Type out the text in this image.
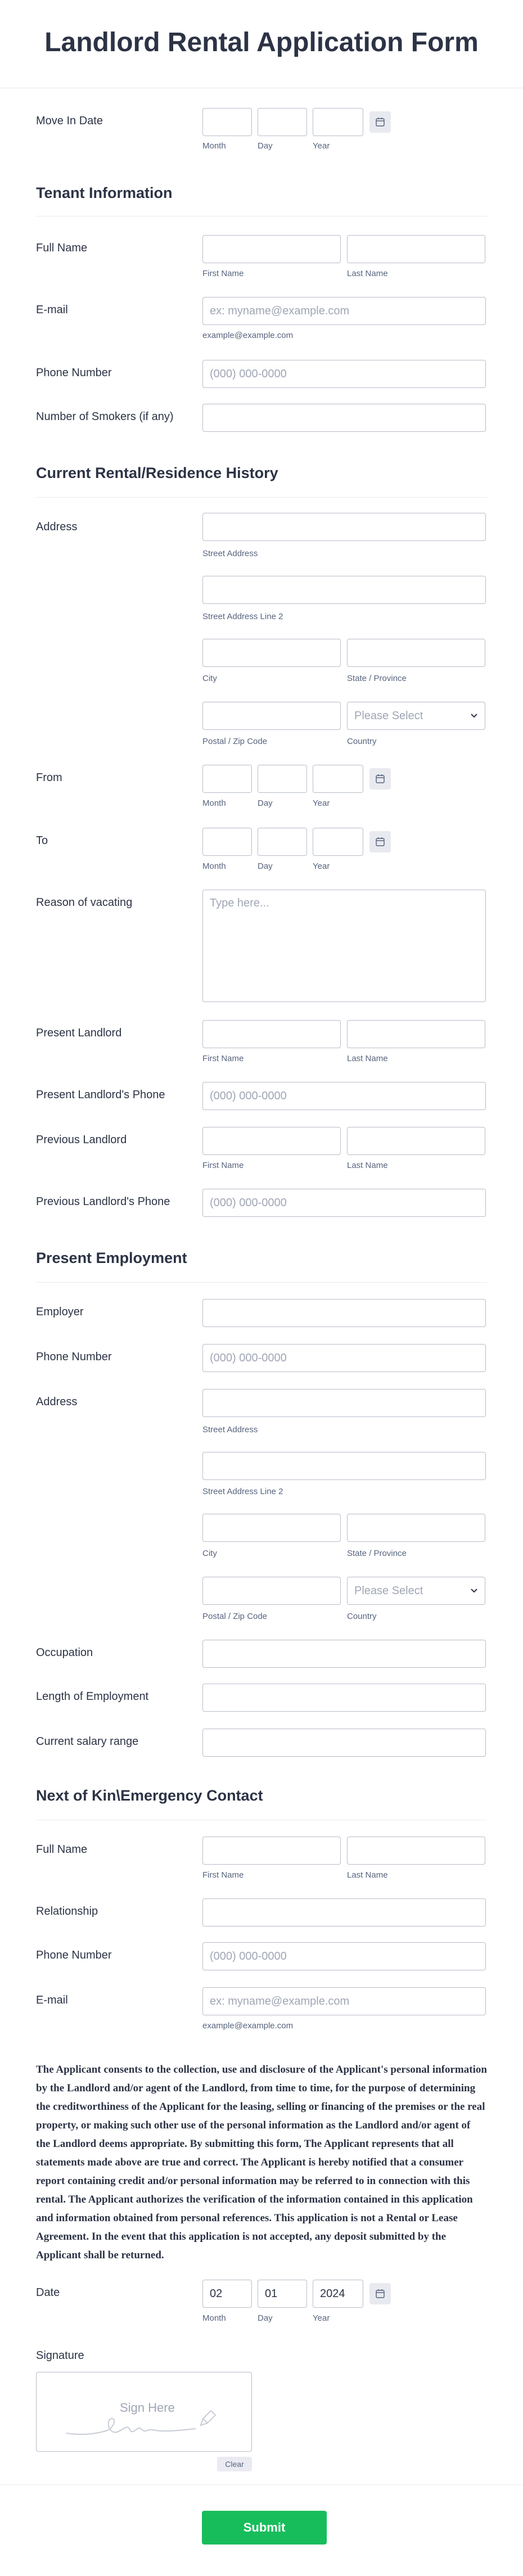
Landlord Rental Application Form
Move In Date
Month	Day	Year
Tenant Information
Full Name
First Name	Last Name
E-mail
ex: myname@example.com
example@example.com
Phone Number
(000) 000-0000
Number of Smokers (if any)
Current Rental/Residence History
Address
Street Address
Street Address Line 2
City	State / Province
Please Select
Postal / Zip Code	Country
From
Month	Day	Year
To
Month	Day	Year
Reason of vacating
Type here...
Present Landlord
First Name	Last Name
Present Landlord's Phone
(000) 000-0000
Previous Landlord
First Name	Last Name
Previous Landlord's Phone
(000) 000-0000
Present Employment
Employer
Phone Number
(000) 000-0000
Address
Street Address
Street Address Line 2
City	State / Province
Please Select
Postal / Zip Code	Country
Occupation
Length of Employment
Current salary range
Next of Kin\Emergency Contact
Full Name
First Name	Last Name
Relationship
Phone Number
(000) 000-0000
E-mail
ex: myname@example.com
example@example.com
The Applicant consents to the collection, use and disclosure of the Applicant's personal information by the Landlord and/or agent of the Landlord, from time to time, for the purpose of determining the creditworthiness of the Applicant for the leasing, selling or financing of the premises or the real property, or making such other use of the personal information as the Landlord and/or agent of the Landlord deems appropriate. By submitting this form, The Applicant represents that all statements made above are true and correct. The Applicant is hereby notified that a consumer report containing credit and/or personal information may be referred to in connection with this rental. The Applicant authorizes the verification of the information contained in this application and information obtained from personal references. This application is not a Rental or Lease Agreement. In the event that this application is not accepted, any deposit submitted by the Applicant shall be returned.
Date
02
01
2024
Month	Day	Year
Signature
Sign Here
Clear
Submit
